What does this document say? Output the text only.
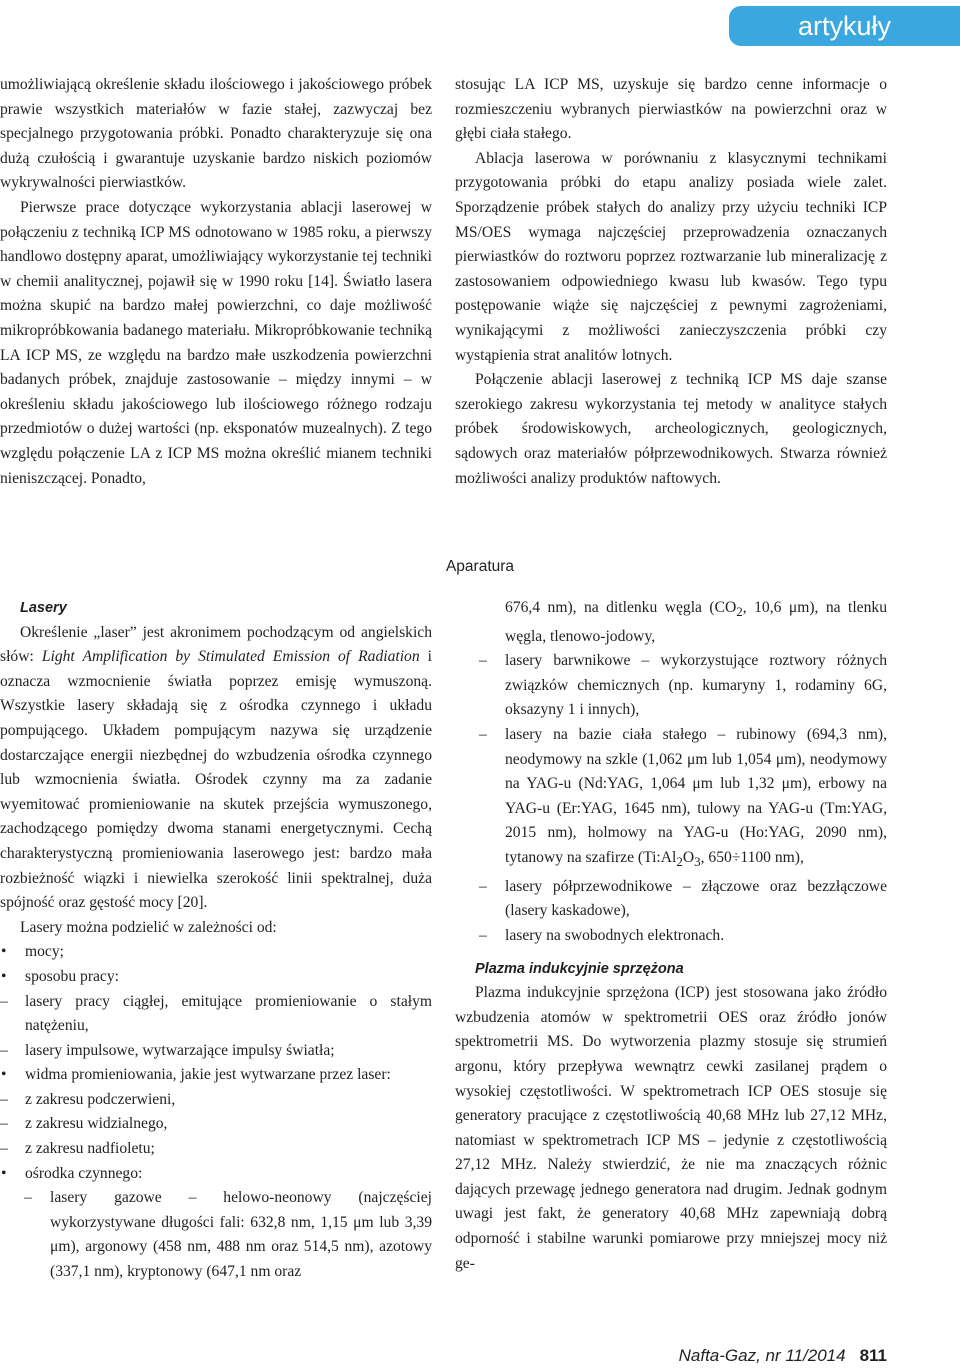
artykuły

umożliwiającą określenie składu ilościowego i jakościowego próbek prawie wszystkich materiałów w fazie stałej, zazwyczaj bez specjalnego przygotowania próbki. Ponadto charakteryzuje się ona dużą czułością i gwarantuje uzyskanie bardzo niskich poziomów wykrywalności pierwiastków.

Pierwsze prace dotyczące wykorzystania ablacji laserowej w połączeniu z techniką ICP MS odnotowano w 1985 roku, a pierwszy handlowo dostępny aparat, umożliwiający wykorzystanie tej techniki w chemii analitycznej, pojawił się w 1990 roku [14]. Światło lasera można skupić na bardzo małej powierzchni, co daje możliwość mikropróbkowania badanego materiału. Mikropróbkowanie techniką LA ICP MS, ze względu na bardzo małe uszkodzenia powierzchni badanych próbek, znajduje zastosowanie – między innymi – w określeniu składu jakościowego lub ilościowego różnego rodzaju przedmiotów o dużej wartości (np. eksponatów muzealnych). Z tego względu połączenie LA z ICP MS można określić mianem techniki nieniszczącej. Ponadto,

stosując LA ICP MS, uzyskuje się bardzo cenne informacje o rozmieszczeniu wybranych pierwiastków na powierzchni oraz w głębi ciała stałego.

Ablacja laserowa w porównaniu z klasycznymi technikami przygotowania próbki do etapu analizy posiada wiele zalet. Sporządzenie próbek stałych do analizy przy użyciu techniki ICP MS/OES wymaga najczęściej przeprowadzenia oznaczanych pierwiastków do roztworu poprzez roztwarzanie lub mineralizację z zastosowaniem odpowiedniego kwasu lub kwasów. Tego typu postępowanie wiąże się najczęściej z pewnymi zagrożeniami, wynikającymi z możliwości zanieczyszczenia próbki czy wystąpienia strat analitów lotnych.

Połączenie ablacji laserowej z techniką ICP MS daje szanse szerokiego zakresu wykorzystania tej metody w analityce stałych próbek środowiskowych, archeologicznych, geologicznych, sądowych oraz materiałów półprzewodnikowych. Stwarza również możliwości analizy produktów naftowych.

Aparatura

Lasery

Określenie „laser” jest akronimem pochodzącym od angielskich słów: Light Amplification by Stimulated Emission of Radiation i oznacza wzmocnienie światła poprzez emisję wymuszoną. Wszystkie lasery składają się z ośrodka czynnego i układu pompującego. Układem pompującym nazywa się urządzenie dostarczające energii niezbędnej do wzbudzenia ośrodka czynnego lub wzmocnienia światła. Ośrodek czynny ma za zadanie wyemitować promieniowanie na skutek przejścia wymuszonego, zachodzącego pomiędzy dwoma stanami energetycznymi. Cechą charakterystyczną promieniowania laserowego jest: bardzo mała rozbieżność wiązki i niewielka szerokość linii spektralnej, duża spójność oraz gęstość mocy [20].

Lasery można podzielić w zależności od:

• mocy;
• sposobu pracy:
– lasery pracy ciągłej, emitujące promieniowanie o stałym natężeniu,
– lasery impulsowe, wytwarzające impulsy światła;
• widma promieniowania, jakie jest wytwarzane przez laser:
– z zakresu podczerwieni,
– z zakresu widzialnego,
– z zakresu nadfioletu;
• ośrodka czynnego:
– lasery gazowe – helowo-neonowy (najczęściej wykorzystywane długości fali: 632,8 nm, 1,15 μm lub 3,39 μm), argonowy (458 nm, 488 nm oraz 514,5 nm), azotowy (337,1 nm), kryptonowy (647,1 nm oraz
676,4 nm), na ditlenku węgla ($CO_2$, 10,6 μm), na tlenku węgla, tlenowo-jodowy,
– lasery barwnikowe – wykorzystujące roztwory różnych związków chemicznych (np. kumaryny 1, rodaminy 6G, oksazyny 1 i innych),
– lasery na bazie ciała stałego – rubinowy (694,3 nm), neodymowy na szkle (1,062 μm lub 1,054 μm), neodymowy na YAG-u (Nd:YAG, 1,064 μm lub 1,32 μm), erbowy na YAG-u (Er:YAG, 1645 nm), tulowy na YAG-u (Tm:YAG, 2015 nm), holmowy na YAG-u (Ho:YAG, 2090 nm), tytanowy na szafirze ($Ti:Al_2O_3$, 650÷1100 nm),
– lasery półprzewodnikowe – złączowe oraz bezzłączowe (lasery kaskadowe),
– lasery na swobodnych elektronach.

Plazma indukcyjnie sprzężona

Plazma indukcyjnie sprzężona (ICP) jest stosowana jako źródło wzbudzenia atomów w spektrometrii OES oraz źródło jonów spektrometrii MS. Do wytworzenia plazmy stosuje się strumień argonu, który przepływa wewnątrz cewki zasilanej prądem o wysokiej częstotliwości. W spektrometrach ICP OES stosuje się generatory pracujące z częstotliwością 40,68 MHz lub 27,12 MHz, natomiast w spektrometrach ICP MS – jedynie z częstotliwością 27,12 MHz. Należy stwierdzić, że nie ma znaczących różnic dających przewagę jednego generatora nad drugim. Jednak godnym uwagi jest fakt, że generatory 40,68 MHz zapewniają dobrą odporność i stabilne warunki pomiarowe przy mniejszej mocy niż ge-

Nafta-Gaz, nr 11/2014 811
